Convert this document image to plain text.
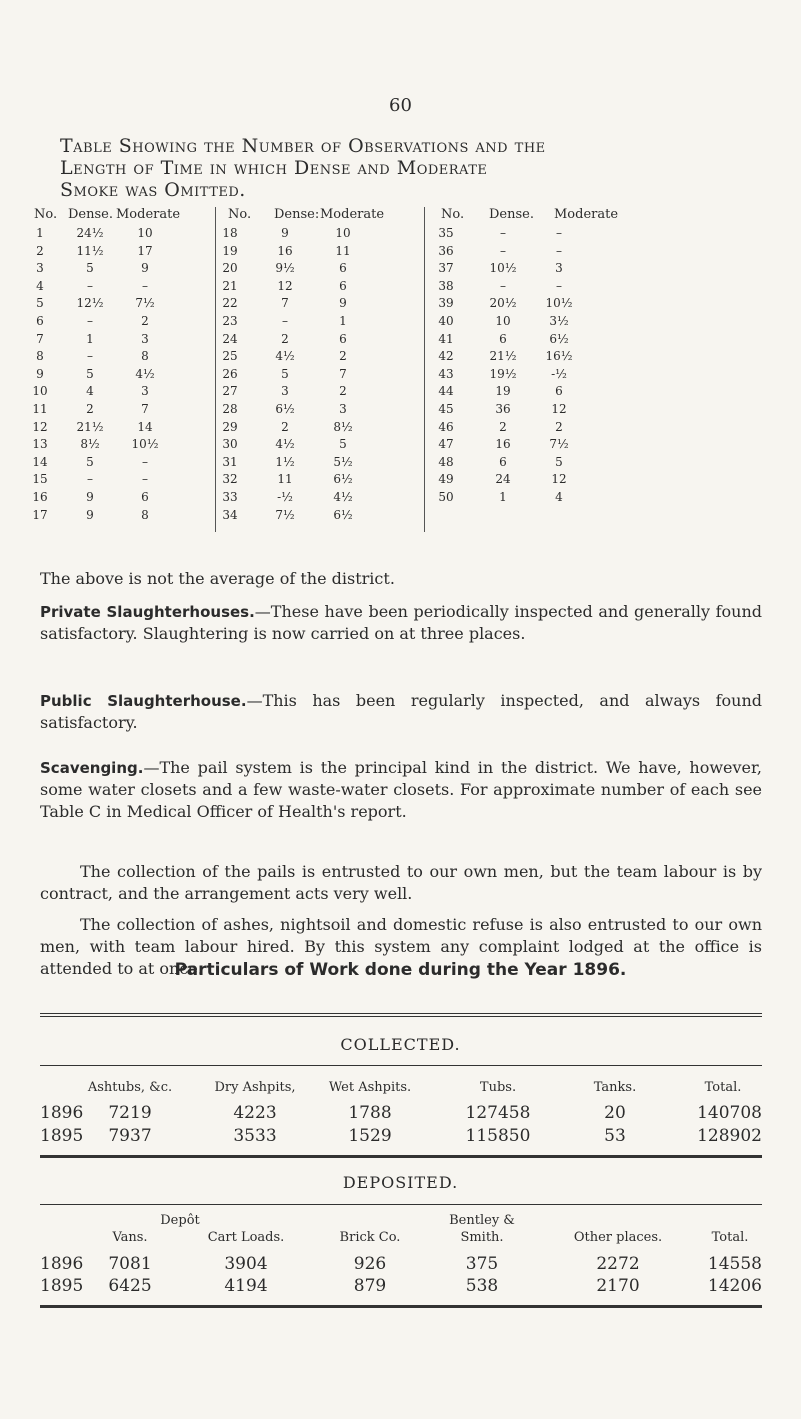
60
Table Showing the Number of Observations and the
Length of Time in which Dense and Moderate
Smoke was Omitted.
No. Dense. Moderate	No. Dense: Moderate	No. Dense. Moderate
1	24½	10	18	9	10	35	–	–
2	11½	17	19	16	11	36	–	–
3	5	9	20	9½	6	37	10½	3
4	–	–	21	12	6	38	–	–
5	12½	7½	22	7	9	39	20½	10½
6	–	2	23	–	1	40	10	3½
7	1	3	24	2	6	41	6	6½
8	–	8	25	4½	2	42	21½	16½
9	5	4½	26	5	7	43	19½	-½
10	4	3	27	3	2	44	19	6
11	2	7	28	6½	3	45	36	12
12	21½	14	29	2	8½	46	2	2
13	8½	10½	30	4½	5	47	16	7½
14	5	–	31	1½	5½	48	6	5
15	–	–	32	11	6½	49	24	12
16	9	6	33	-½	4½	50	1	4
17	9	8	34	7½	6½
The above is not the average of the district.
Private Slaughterhouses.—These have been periodically inspected and generally found satisfactory. Slaughtering is now carried on at three places.
Public Slaughterhouse.—This has been regularly inspected, and always found satisfactory.
Scavenging.—The pail system is the principal kind in the district. We have, however, some water closets and a few waste-water closets. For approximate number of each see Table C in Medical Officer of Health's report.
The collection of the pails is entrusted to our own men, but the team labour is by contract, and the arrangement acts very well.
The collection of ashes, nightsoil and domestic refuse is also entrusted to our own men, with team labour hired. By this system any complaint lodged at the office is attended to at once.
Particulars of Work done during the Year 1896.
COLLECTED.
Ashtubs, &c.	Dry Ashpits,	Wet Ashpits.	Tubs.	Tanks.	Total.
1896 7219	4223	1788	127458	20	140708
1895 7937	3533	1529	115850	53	128902
DEPOSITED.
Depôt	Bentley &
Vans.	Cart Loads.	Brick Co.	Smith.	Other places.	Total.
1896 7081	3904	926	375	2272	14558
1895 6425	4194	879	538	2170	14206
